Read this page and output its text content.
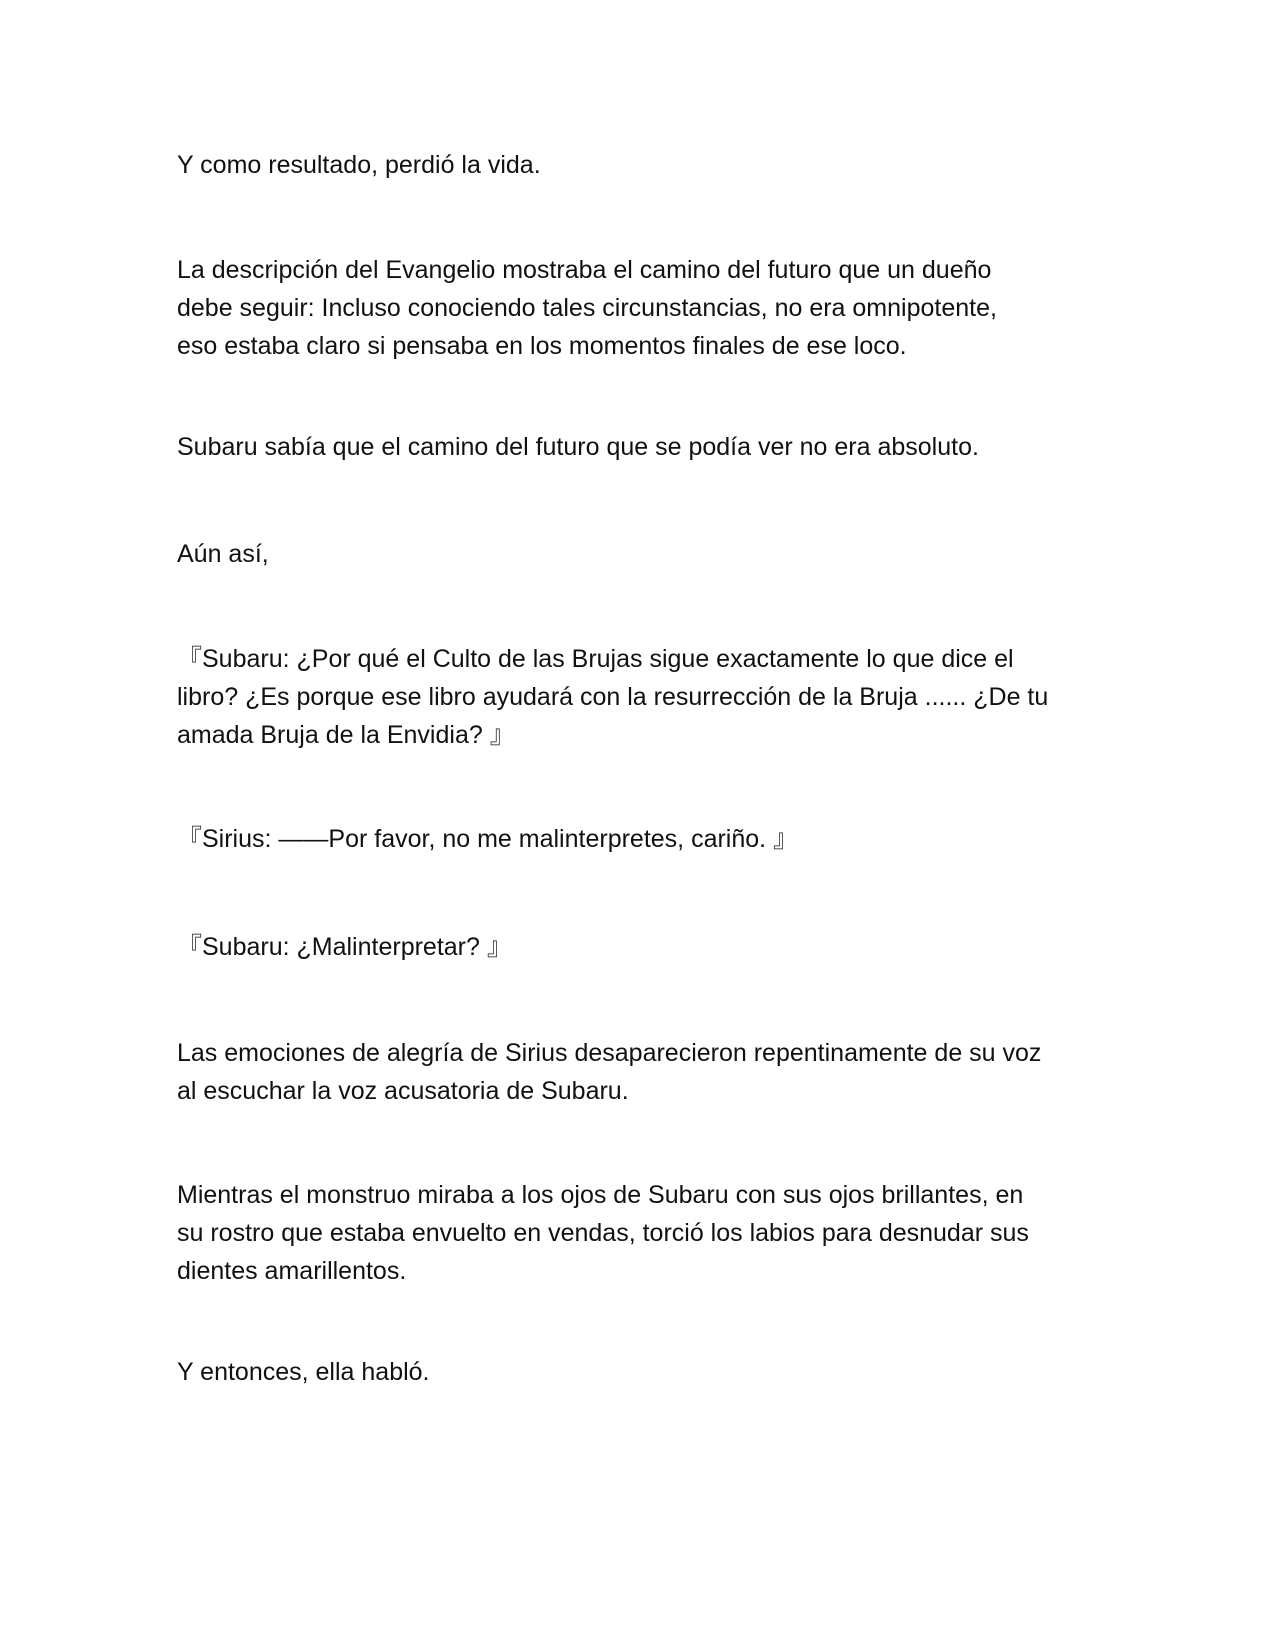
Y como resultado, perdió la vida.

La descripción del Evangelio mostraba el camino del futuro que un dueño
debe seguir: Incluso conociendo tales circunstancias, no era omnipotente,
eso estaba claro si pensaba en los momentos finales de ese loco.

Subaru sabía que el camino del futuro que se podía ver no era absoluto.

Aún así,

『Subaru: ¿Por qué el Culto de las Brujas sigue exactamente lo que dice el
libro? ¿Es porque ese libro ayudará con la resurrección de la Bruja ...... ¿De tu
amada Bruja de la Envidia? 』

『Sirius: ——Por favor, no me malinterpretes, cariño. 』

『Subaru: ¿Malinterpretar? 』

Las emociones de alegría de Sirius desaparecieron repentinamente de su voz
al escuchar la voz acusatoria de Subaru.

Mientras el monstruo miraba a los ojos de Subaru con sus ojos brillantes, en
su rostro que estaba envuelto en vendas, torció los labios para desnudar sus
dientes amarillentos.

Y entonces, ella habló.
